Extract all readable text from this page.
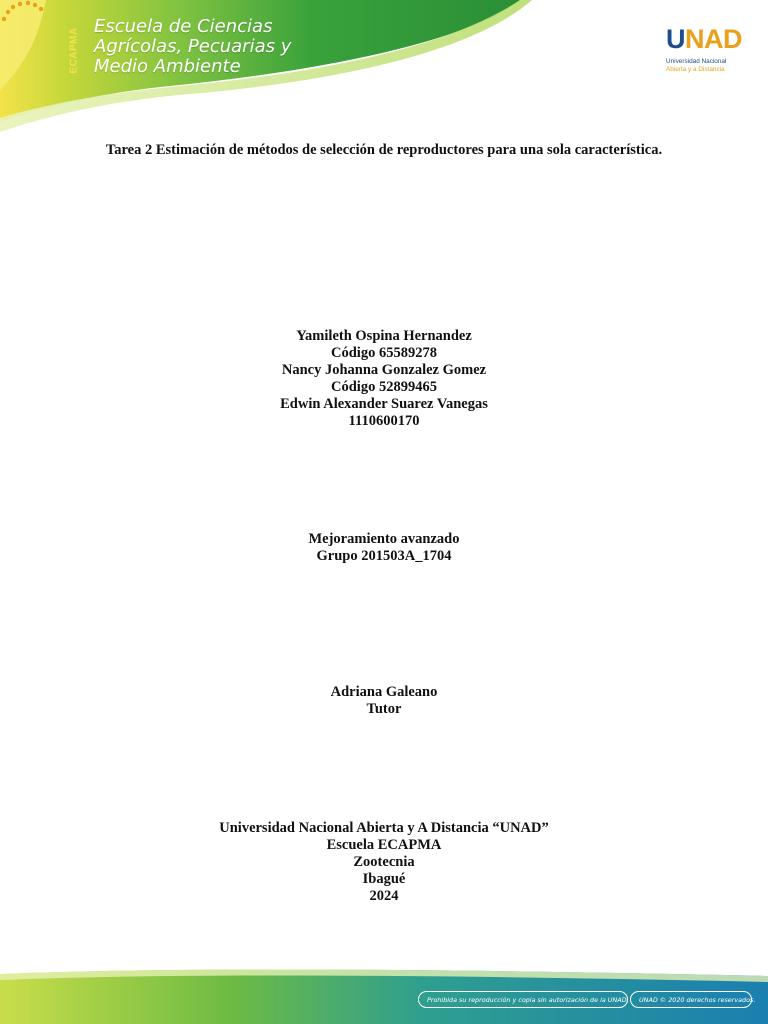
ECAPMA
Escuela de Ciencias
Agrícolas, Pecuarias y
Medio Ambiente
UNAD
Universidad Nacional
Abierta y a Distancia
Tarea 2 Estimación de métodos de selección de reproductores para una sola característica.
Yamileth Ospina Hernandez
Código 65589278
Nancy Johanna Gonzalez Gomez
Código 52899465
Edwin Alexander Suarez Vanegas
1110600170
Mejoramiento avanzado
Grupo 201503A_1704
Adriana Galeano
Tutor
Universidad Nacional Abierta y A Distancia “UNAD”
Escuela ECAPMA
Zootecnia
Ibagué
2024
Prohibida su reproducción y copia sin autorización de la UNAD.	UNAD © 2020 derechos reservados.
